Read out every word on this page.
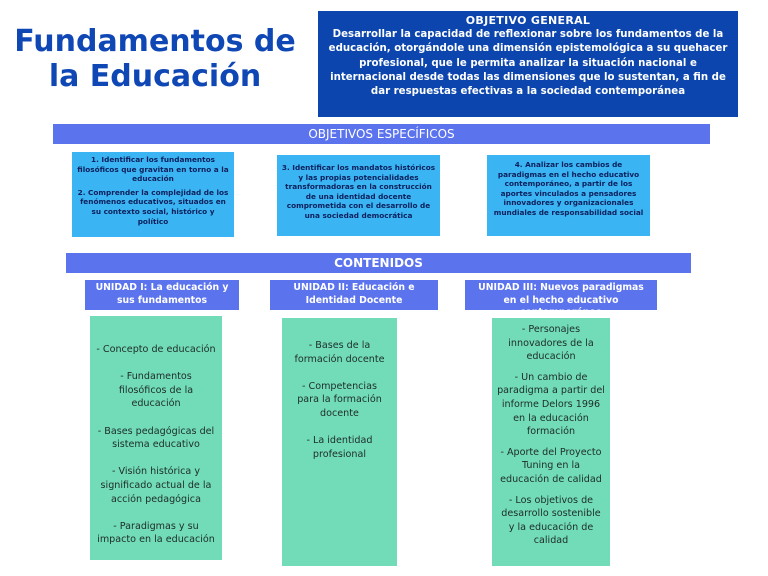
Fundamentos de
la Educación
OBJETIVO GENERAL
Desarrollar la capacidad de reflexionar sobre los fundamentos de la educación, otorgándole una dimensión epistemológica a su quehacer profesional, que le permita analizar la situación nacional e internacional desde todas las dimensiones que lo sustentan, a fin de dar respuestas efectivas a la sociedad contemporánea
OBJETIVOS ESPECÍFICOS

1. Identificar los fundamentos filosóficos que gravitan en torno a la educación

2. Comprender la complejidad de los fenómenos educativos, situados en su contexto social, histórico y político

3. Identificar los mandatos históricos y las propias potencialidades transformadoras en la construcción de una identidad docente comprometida con el desarrollo de una sociedad democrática
4. Analizar los cambios de paradigmas en el hecho educativo contemporáneo, a partir de los aportes vinculados a pensadores innovadores y organizacionales mundiales de responsabilidad social
CONTENIDOS
UNIDAD I: La educación y sus fundamentos
UNIDAD II: Educación e Identidad Docente
UNIDAD III: Nuevos paradigmas en el hecho educativo contemporáneo

- Concepto de educación

- Fundamentos filosóficos de la educación

- Bases pedagógicas del sistema educativo

- Visión histórica y significado actual de la acción pedagógica

- Paradigmas y su impacto en la educación

- Bases de la formación docente

- Competencias para la formación docente

- La identidad profesional

- Personajes innovadores de la educación

- Un cambio de paradigma a partir del informe Delors 1996 en la educación formación

- Aporte del Proyecto Tuning en la educación de calidad

- Los objetivos de desarrollo sostenible y la educación de calidad
